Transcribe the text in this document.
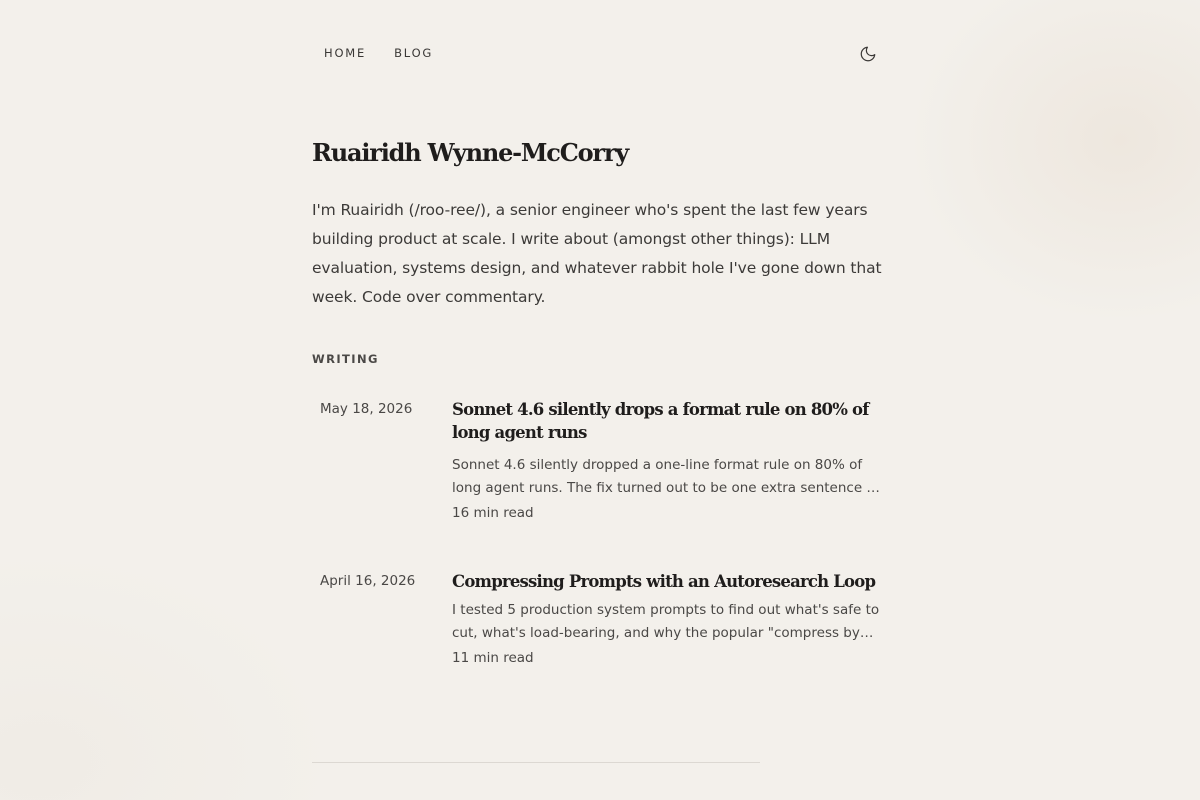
HOME BLOG
Ruairidh Wynne-McCorry

I'm Ruairidh (/roo-ree/), a senior engineer who's spent the last few years building product at scale. I write about (amongst other things): LLM evaluation, systems design, and whatever rabbit hole I've gone down that week. Code over commentary.

WRITING
May 18, 2026 Sonnet 4.6 silently drops a format rule on 80% of long agent runs

Sonnet 4.6 silently dropped a one-line format rule on 80% of long agent runs. The fix turned out to be one extra sentence in

16 min read
April 16, 2026 Compressing Prompts with an Autoresearch Loop

I tested 5 production system prompts to find out what's safe to cut, what's load-bearing, and why the popular "compress by

11 min read
